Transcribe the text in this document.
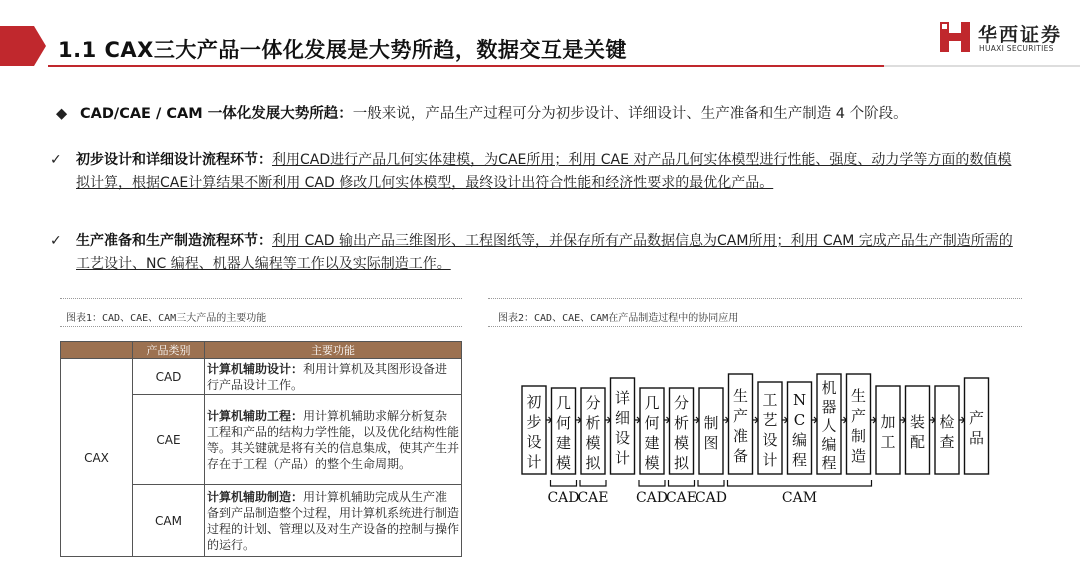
1.1 CAX三大产品一体化发展是大势所趋，数据交互是关键
华西证券
HUAXI SECURITIES
◆ CAD/CAE / CAM 一体化发展大势所趋：一般来说，产品生产过程可分为初步设计、详细设计、生产准备和生产制造 4 个阶段。
✓ 初步设计和详细设计流程环节：利用CAD进行产品几何实体建模，为CAE所用；利用 CAE 对产品几何实体模型进行性能、强度、动力学等方面的数值模拟计算，根据CAE计算结果不断利用 CAD 修改几何实体模型，最终设计出符合性能和经济性要求的最优化产品。
✓ 生产准备和生产制造流程环节：利用 CAD 输出产品三维图形、工程图纸等，并保存所有产品数据信息为CAM所用；利用 CAM 完成产品生产制造所需的工艺设计、NC 编程、机器人编程等工作以及实际制造工作。
图表1：CAD、CAE、CAM三大产品的主要功能	图表2：CAD、CAE、CAM在产品制造过程中的协同应用
	产品类别	主要功能
CAX	CAD	计算机辅助设计：利用计算机及其图形设备进行产品设计工作。
	CAE	计算机辅助工程：用计算机辅助求解分析复杂工程和产品的结构力学性能，以及优化结构性能等。其关键就是将有关的信息集成，使其产生并存在于工程（产品）的整个生命周期。
	CAM	计算机辅助制造：用计算机辅助完成从生产准备到产品制造整个过程，用计算机系统进行制造过程的计划、管理以及对生产设备的控制与操作的运行。
初
步
设
计
几
何
建
模
分
析
模
拟
详
细
设
计
几
何
建
模
分
析
模
拟
制
图
生
产
准
备
工
艺
设
计
N
C
编
程
机
器
人
编
程
生
产
制
造
加
工
装
配
检
查
产
品
CAD
CAE CAD
CAE
CAD	CAM
